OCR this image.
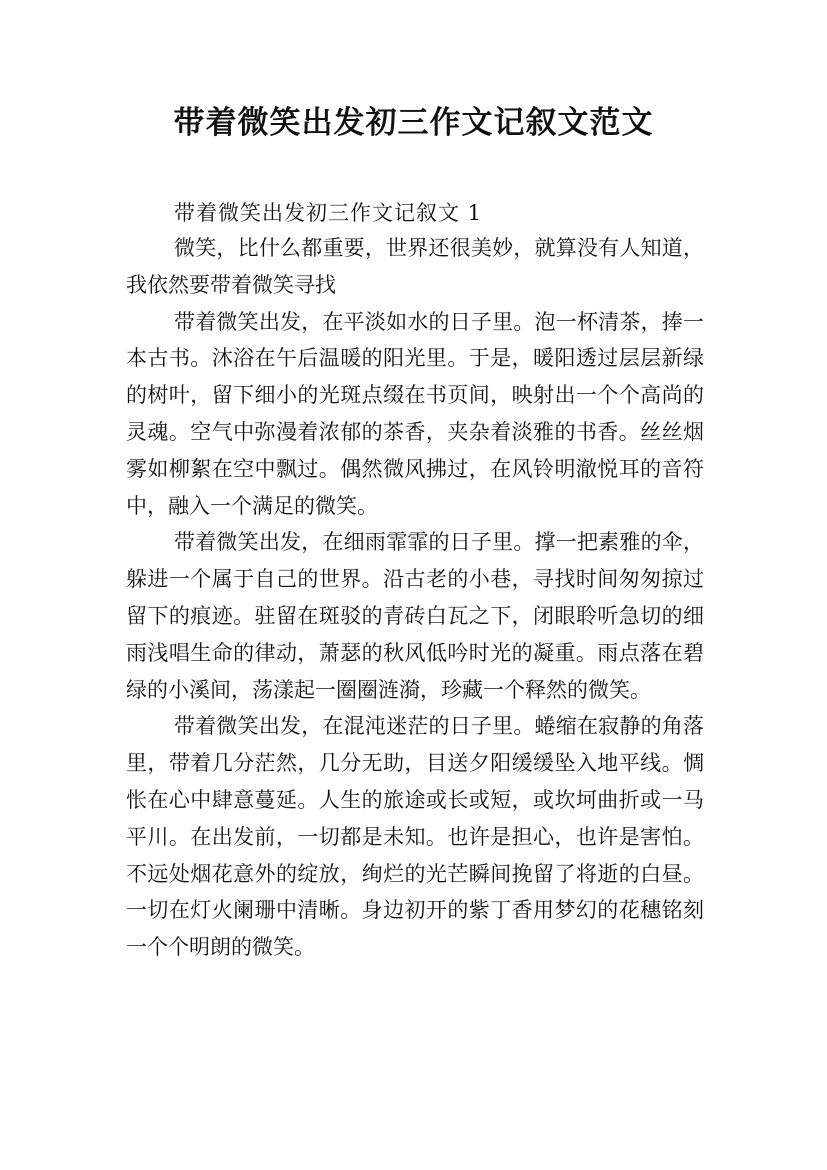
带着微笑出发初三作文记叙文范文

带着微笑出发初三作文记叙文 1

微笑，比什么都重要，世界还很美妙，就算没有人知道，我依然要带着微笑寻找

带着微笑出发，在平淡如水的日子里。泡一杯清茶，捧一本古书。沐浴在午后温暖的阳光里。于是，暖阳透过层层新绿的树叶，留下细小的光斑点缀在书页间，映射出一个个高尚的灵魂。空气中弥漫着浓郁的茶香，夹杂着淡雅的书香。丝丝烟雾如柳絮在空中飘过。偶然微风拂过，在风铃明澈悦耳的音符中，融入一个满足的微笑。

带着微笑出发，在细雨霏霏的日子里。撑一把素雅的伞，躲进一个属于自己的世界。沿古老的小巷，寻找时间匆匆掠过留下的痕迹。驻留在斑驳的青砖白瓦之下，闭眼聆听急切的细雨浅唱生命的律动，萧瑟的秋风低吟时光的凝重。雨点落在碧绿的小溪间，荡漾起一圈圈涟漪，珍藏一个释然的微笑。

带着微笑出发，在混沌迷茫的日子里。蜷缩在寂静的角落里，带着几分茫然，几分无助，目送夕阳缓缓坠入地平线。惆怅在心中肆意蔓延。人生的旅途或长或短，或坎坷曲折或一马平川。在出发前，一切都是未知。也许是担心，也许是害怕。不远处烟花意外的绽放，绚烂的光芒瞬间挽留了将逝的白昼。一切在灯火阑珊中清晰。身边初开的紫丁香用梦幻的花穗铭刻一个个明朗的微笑。
